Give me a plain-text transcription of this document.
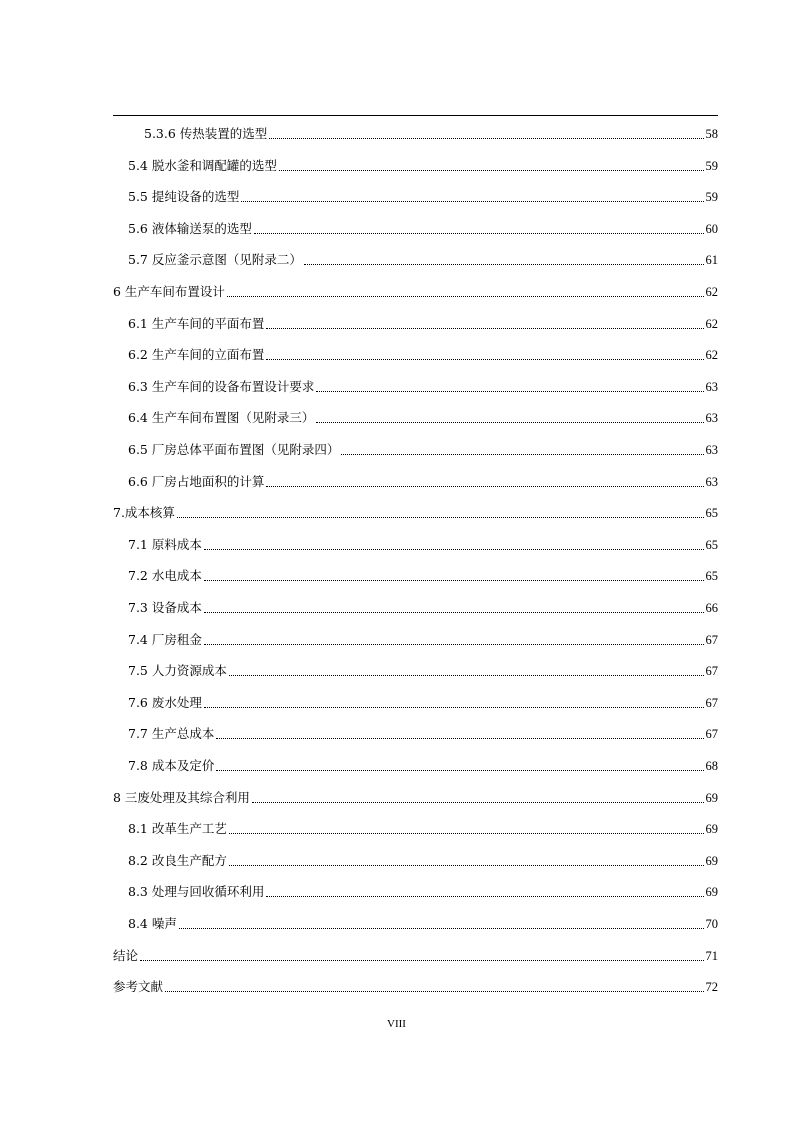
5.3.6 传热装置的选型	58
5.4 脱水釜和调配罐的选型	59
5.5 提纯设备的选型	59
5.6 液体输送泵的选型	60
5.7 反应釜示意图（见附录二）	61
6 生产车间布置设计	62
6.1 生产车间的平面布置	62
6.2 生产车间的立面布置	62
6.3 生产车间的设备布置设计要求	63
6.4 生产车间布置图（见附录三）	63
6.5 厂房总体平面布置图（见附录四）	63
6.6 厂房占地面积的计算	63
7.成本核算	65
7.1 原料成本	65
7.2 水电成本	65
7.3 设备成本	66
7.4 厂房租金	67
7.5 人力资源成本	67
7.6 废水处理	67
7.7 生产总成本	67
7.8 成本及定价	68
8 三废处理及其综合利用	69
8.1 改革生产工艺	69
8.2 改良生产配方	69
8.3 处理与回收循环利用	69
8.4 噪声	70
结论	71
参考文献	72
VIII
